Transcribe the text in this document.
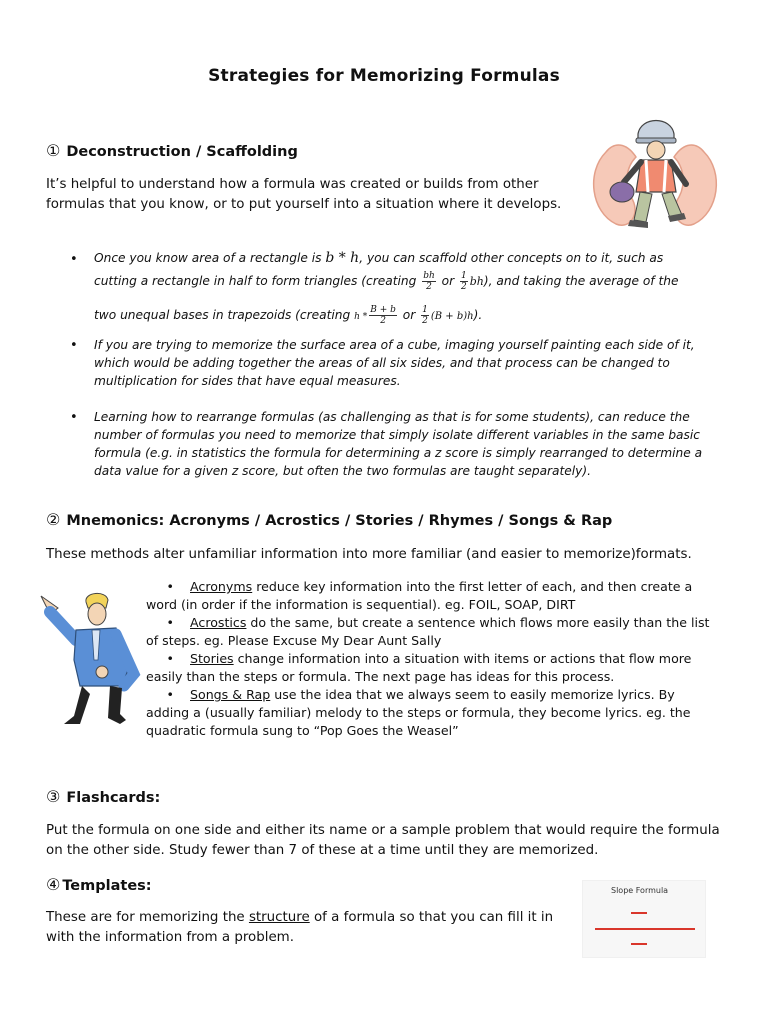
Strategies for Memorizing Formulas
① Deconstruction / Scaffolding
It’s helpful to understand how a formula was created or builds from other formulas that you know, or to put yourself into a situation where it develops.
• Once you know area of a rectangle is b * h, you can scaffold other concepts on to it, such as
cutting a rectangle in half to form triangles (creating $\frac{bh}{2}$ or $\frac{1}{2} bh$), and taking the average of the
two unequal bases in trapezoids (creating h * $\frac{B + b}{2}$ or $\frac{1}{2} (B + b)h$).
• If you are trying to memorize the surface area of a cube, imaging yourself painting each side of it, which would be adding together the areas of all six sides, and that process can be changed to multiplication for sides that have equal measures.
• Learning how to rearrange formulas (as challenging as that is for some students), can reduce the number of formulas you need to memorize that simply isolate different variables in the same basic formula (e.g. in statistics the formula for determining a z score is simply rearranged to determine a data value for a given z score, but often the two formulas are taught separately).
② Mnemonics: Acronyms / Acrostics / Stories / Rhymes / Songs & Rap
These methods alter unfamiliar information into more familiar (and easier to memorize)formats.
•    Acronyms reduce key information into the first letter of each, and then create a word (in order if the information is sequential). eg. FOIL, SOAP, DIRT
•    Acrostics do the same, but create a sentence which flows more easily than the list of steps. eg. Please Excuse My Dear Aunt Sally
•    Stories change information into a situation with items or actions that flow more easily than the steps or formula. The next page has ideas for this process.
•    Songs & Rap use the idea that we always seem to easily memorize lyrics. By adding a (usually familiar) melody to the steps or formula, they become lyrics. eg. the quadratic formula sung to “Pop Goes the Weasel”
③ Flashcards:
Put the formula on one side and either its name or a sample problem that would require the formula on the other side. Study fewer than 7 of these at a time until they are memorized.
④ Templates:
These are for memorizing the structure of a formula so that you can fill it in with the information from a problem.
Slope Formula
